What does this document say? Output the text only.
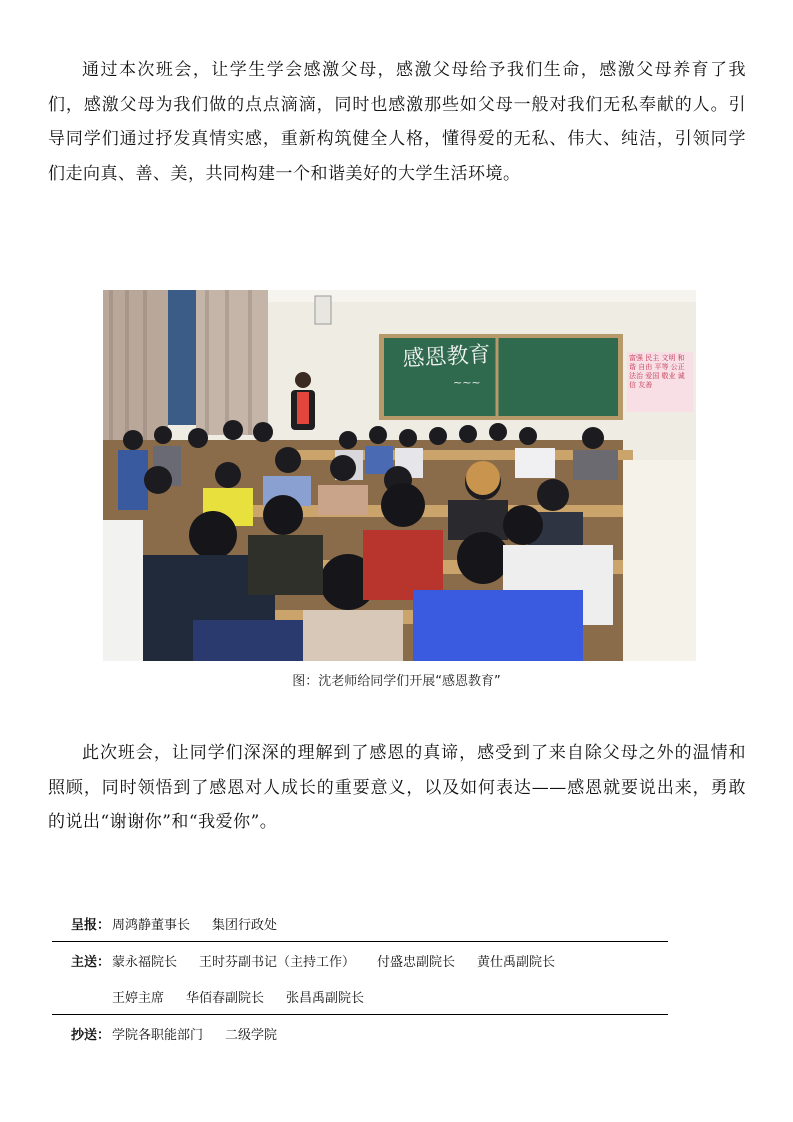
通过本次班会，让学生学会感激父母，感激父母给予我们生命，感激父母养育了我们，感激父母为我们做的点点滴滴，同时也感激那些如父母一般对我们无私奉献的人。引导同学们通过抒发真情实感，重新构筑健全人格，懂得爱的无私、伟大、纯洁，引领同学们走向真、善、美，共同构建一个和谐美好的大学生活环境。

感恩教育
~~~
富强 民主 文明 和谐 自由 平等 公正 法治 爱国 敬业 诚信 友善
图：沈老师给同学们开展“感恩教育”

此次班会，让同学们深深的理解到了感恩的真谛，感受到了来自除父母之外的温情和照顾，同时领悟到了感恩对人成长的重要意义，以及如何表达——感恩就要说出来，勇敢的说出“谢谢你”和“我爱你”。

呈报： 周鸿静董事长 集团行政处
主送： 蒙永福院长 王时芬副书记（主持工作） 付盛忠副院长 黄仕禹副院长
王婷主席 华佰春副院长 张昌禹副院长
抄送： 学院各职能部门 二级学院
